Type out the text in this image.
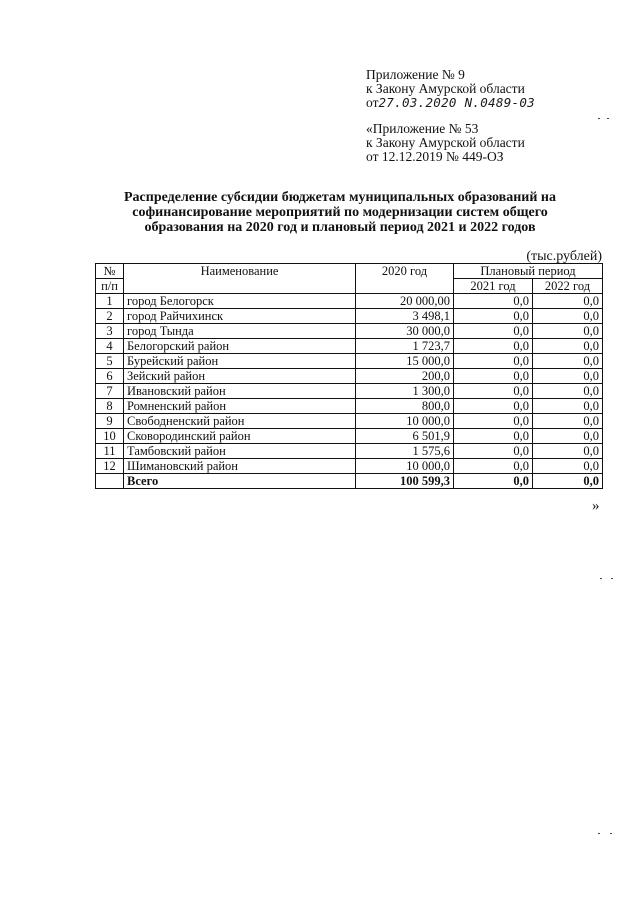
Приложение № 9
к Закону Амурской области
от27.03.2020 N.0489-03
«Приложение № 53
к Закону Амурской области
от 12.12.2019 № 449-ОЗ
Распределение субсидии бюджетам муниципальных образований на
софинансирование мероприятий по модернизации систем общего
образования на 2020 год и плановый период 2021 и 2022 годов
(тыс.рублей)
№	Наименование	2020 год	Плановый период	
п/п			2021 год	2022 год
1	город Белогорск	20 000,00	0,0	0,0
2	город Райчихинск	3 498,1	0,0	0,0
3	город Тында	30 000,0	0,0	0,0
4	Белогорский район	1 723,7	0,0	0,0
5	Бурейский район	15 000,0	0,0	0,0
6	Зейский район	200,0	0,0	0,0
7	Ивановский район	1 300,0	0,0	0,0
8	Ромненский район	800,0	0,0	0,0
9	Свободненский район	10 000,0	0,0	0,0
10	Сковородинский район	6 501,9	0,0	0,0
11	Тамбовский район	1 575,6	0,0	0,0
12	Шимановский район	10 000,0	0,0	0,0
	Всего	100 599,3	0,0	0,0
»
